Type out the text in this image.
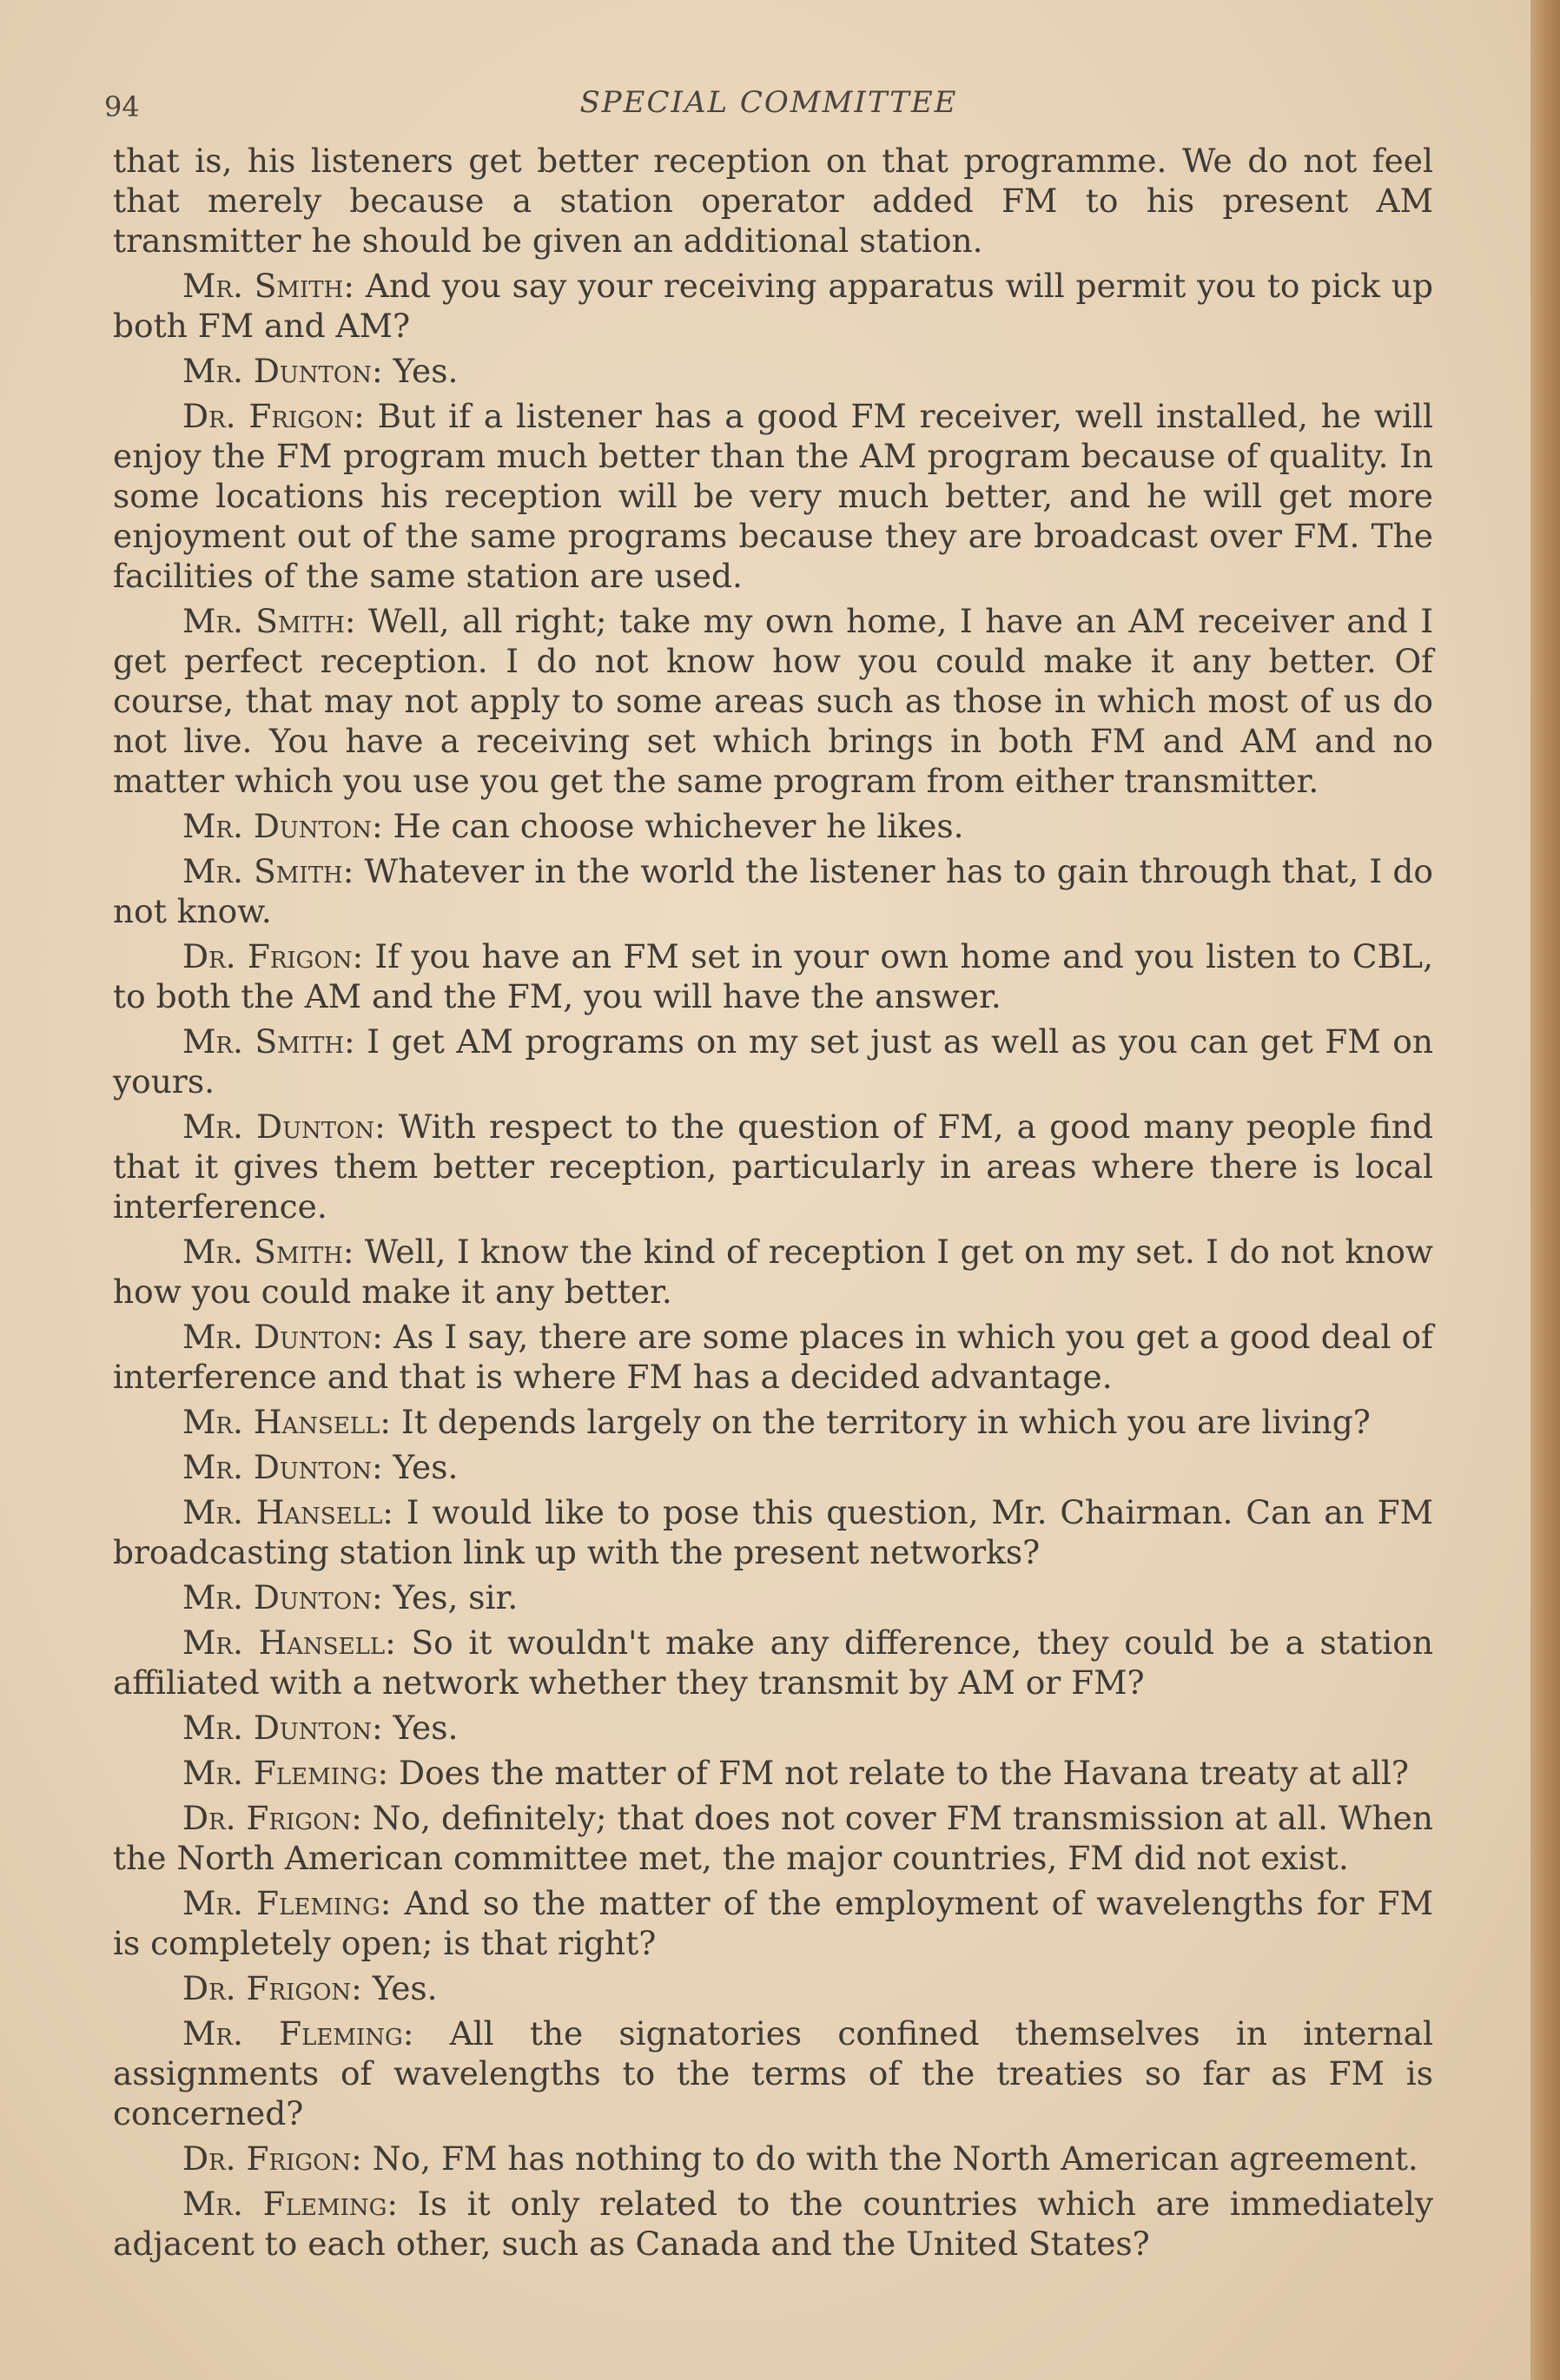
94	SPECIAL COMMITTEE

that is, his listeners get better reception on that programme. We do not feel that merely because a station operator added FM to his present AM transmitter he should be given an additional station.

Mr. Smith: And you say your receiving apparatus will permit you to pick up both FM and AM?

Mr. Dunton: Yes.

Dr. Frigon: But if a listener has a good FM receiver, well installed, he will enjoy the FM program much better than the AM program because of quality. In some locations his reception will be very much better, and he will get more enjoyment out of the same programs because they are broadcast over FM. The facilities of the same station are used.

Mr. Smith: Well, all right; take my own home, I have an AM receiver and I get perfect reception. I do not know how you could make it any better. Of course, that may not apply to some areas such as those in which most of us do not live. You have a receiving set which brings in both FM and AM and no matter which you use you get the same program from either transmitter.

Mr. Dunton: He can choose whichever he likes.

Mr. Smith: Whatever in the world the listener has to gain through that, I do not know.

Dr. Frigon: If you have an FM set in your own home and you listen to CBL, to both the AM and the FM, you will have the answer.

Mr. Smith: I get AM programs on my set just as well as you can get FM on yours.

Mr. Dunton: With respect to the question of FM, a good many people find that it gives them better reception, particularly in areas where there is local interference.

Mr. Smith: Well, I know the kind of reception I get on my set. I do not know how you could make it any better.

Mr. Dunton: As I say, there are some places in which you get a good deal of interference and that is where FM has a decided advantage.

Mr. Hansell: It depends largely on the territory in which you are living?

Mr. Dunton: Yes.

Mr. Hansell: I would like to pose this question, Mr. Chairman. Can an FM broadcasting station link up with the present networks?

Mr. Dunton: Yes, sir.

Mr. Hansell: So it wouldn't make any difference, they could be a station affiliated with a network whether they transmit by AM or FM?

Mr. Dunton: Yes.

Mr. Fleming: Does the matter of FM not relate to the Havana treaty at all?

Dr. Frigon: No, definitely; that does not cover FM transmission at all. When the North American committee met, the major countries, FM did not exist.

Mr. Fleming: And so the matter of the employment of wavelengths for FM is completely open; is that right?

Dr. Frigon: Yes.

Mr. Fleming: All the signatories confined themselves in internal assignments of wavelengths to the terms of the treaties so far as FM is concerned?

Dr. Frigon: No, FM has nothing to do with the North American agreement.

Mr. Fleming: Is it only related to the countries which are immediately adjacent to each other, such as Canada and the United States?
